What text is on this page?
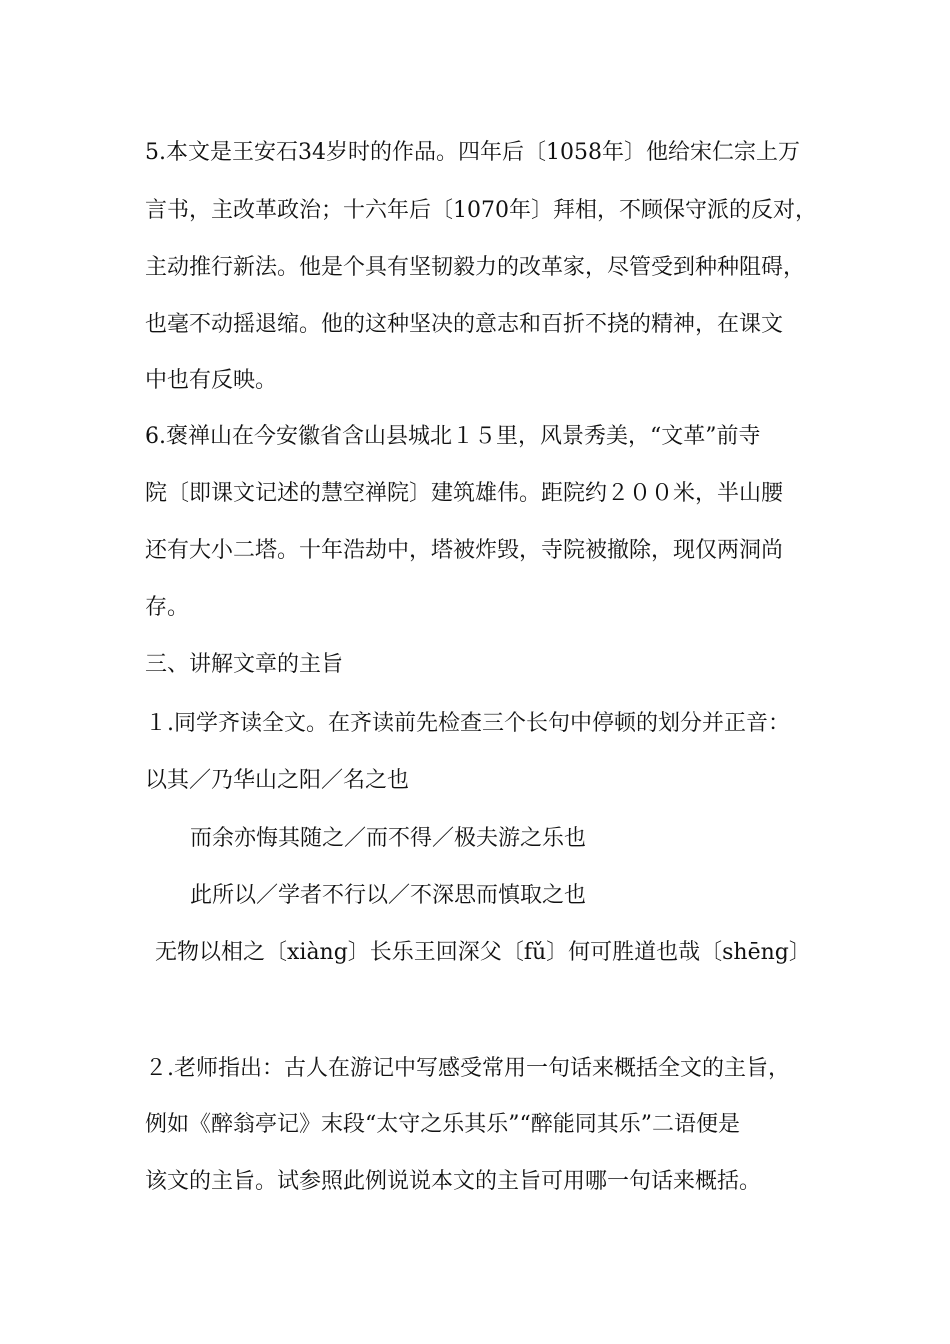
5.本文是王安石34岁时的作品。四年后〔1058年〕他给宋仁宗上万
言书，主改革政治；十六年后〔1070年〕拜相，不顾保守派的反对，
主动推行新法。他是个具有坚韧毅力的改革家，尽管受到种种阻碍，
也毫不动摇退缩。他的这种坚决的意志和百折不挠的精神，在课文
中也有反映。
6.褒禅山在今安徽省含山县城北１５里，风景秀美，“文革”前寺
院〔即课文记述的慧空禅院〕建筑雄伟。距院约２００米，半山腰
还有大小二塔。十年浩劫中，塔被炸毁，寺院被撤除，现仅两洞尚
存。
三、讲解文章的主旨
１.同学齐读全文。在齐读前先检查三个长句中停顿的划分并正音：
以其／乃华山之阳／名之也
而余亦悔其随之／而不得／极夫游之乐也
此所以／学者不行以／不深思而慎取之也
无物以相之〔xiàng〕长乐王回深父〔fǔ〕何可胜道也哉〔shēng〕
２.老师指出：古人在游记中写感受常用一句话来概括全文的主旨，
例如《醉翁亭记》末段“太守之乐其乐”“醉能同其乐”二语便是
该文的主旨。试参照此例说说本文的主旨可用哪一句话来概括。
